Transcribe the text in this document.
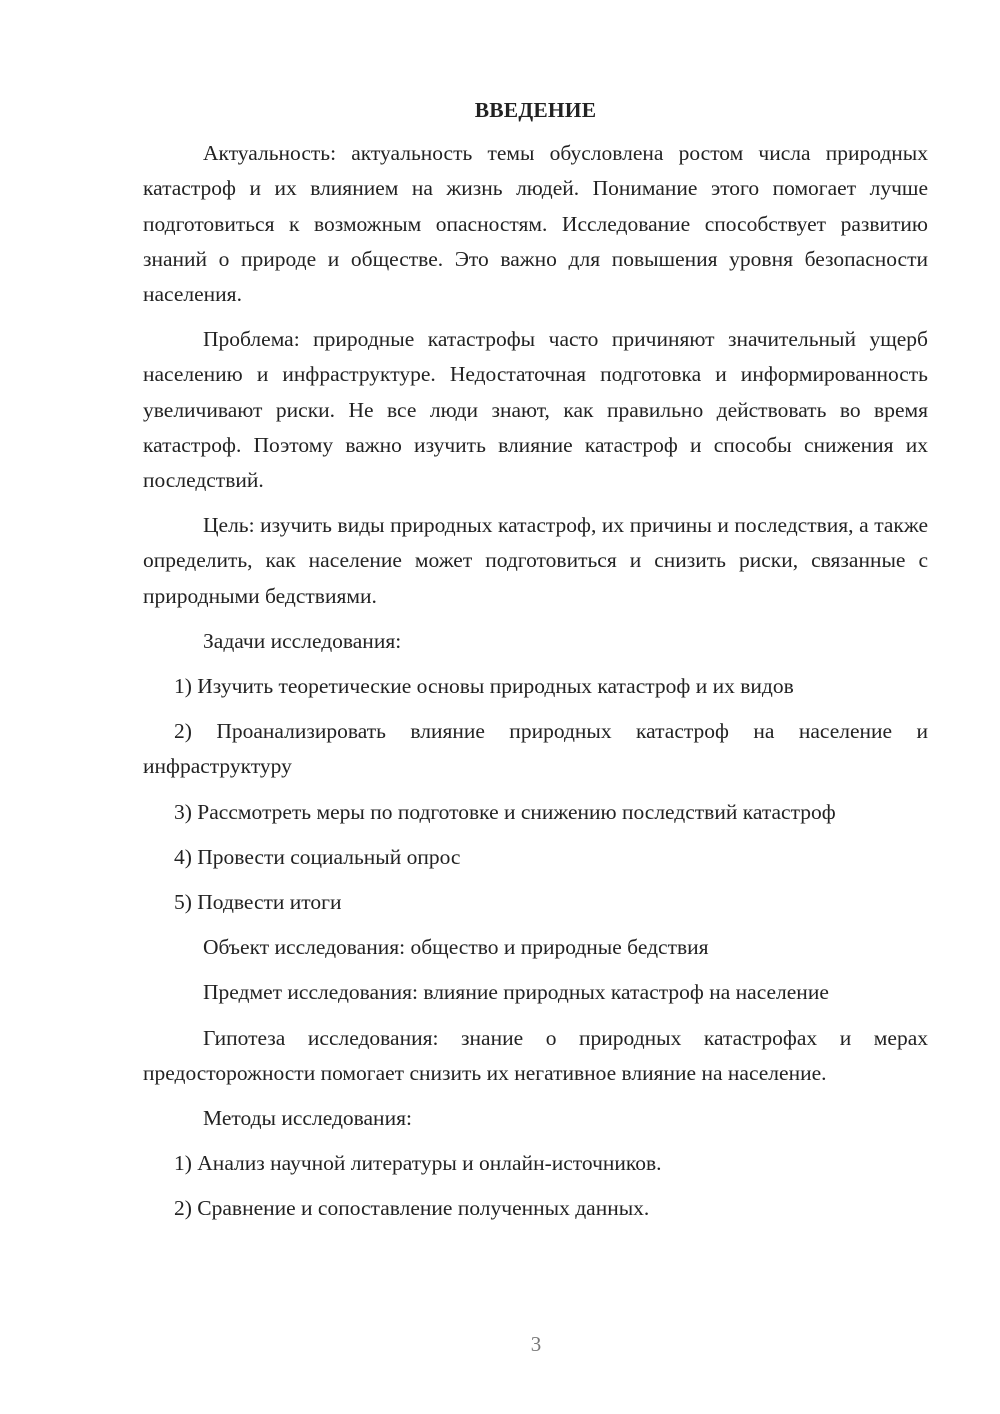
ВВЕДЕНИЕ

Актуальность: актуальность темы обусловлена ростом числа природных катастроф и их влиянием на жизнь людей. Понимание этого помогает лучше подготовиться к возможным опасностям. Исследование способствует развитию знаний о природе и обществе. Это важно для повышения уровня безопасности населения.

Проблема: природные катастрофы часто причиняют значительный ущерб населению и инфраструктуре. Недостаточная подготовка и информированность увеличивают риски. Не все люди знают, как правильно действовать во время катастроф. Поэтому важно изучить влияние катастроф и способы снижения их последствий.

Цель: изучить виды природных катастроф, их причины и последствия, а также определить, как население может подготовиться и снизить риски, связанные с природными бедствиями.

Задачи исследования:

1) Изучить теоретические основы природных катастроф и их видов

2) Проанализировать влияние природных катастроф на население и инфраструктуру

3) Рассмотреть меры по подготовке и снижению последствий катастроф

4) Провести социальный опрос

5) Подвести итоги

Объект исследования: общество и природные бедствия

Предмет исследования: влияние природных катастроф на население

Гипотеза исследования: знание о природных катастрофах и мерах предосторожности помогает снизить их негативное влияние на население.

Методы исследования:

1) Анализ научной литературы и онлайн-источников.

2) Сравнение и сопоставление полученных данных.

3
